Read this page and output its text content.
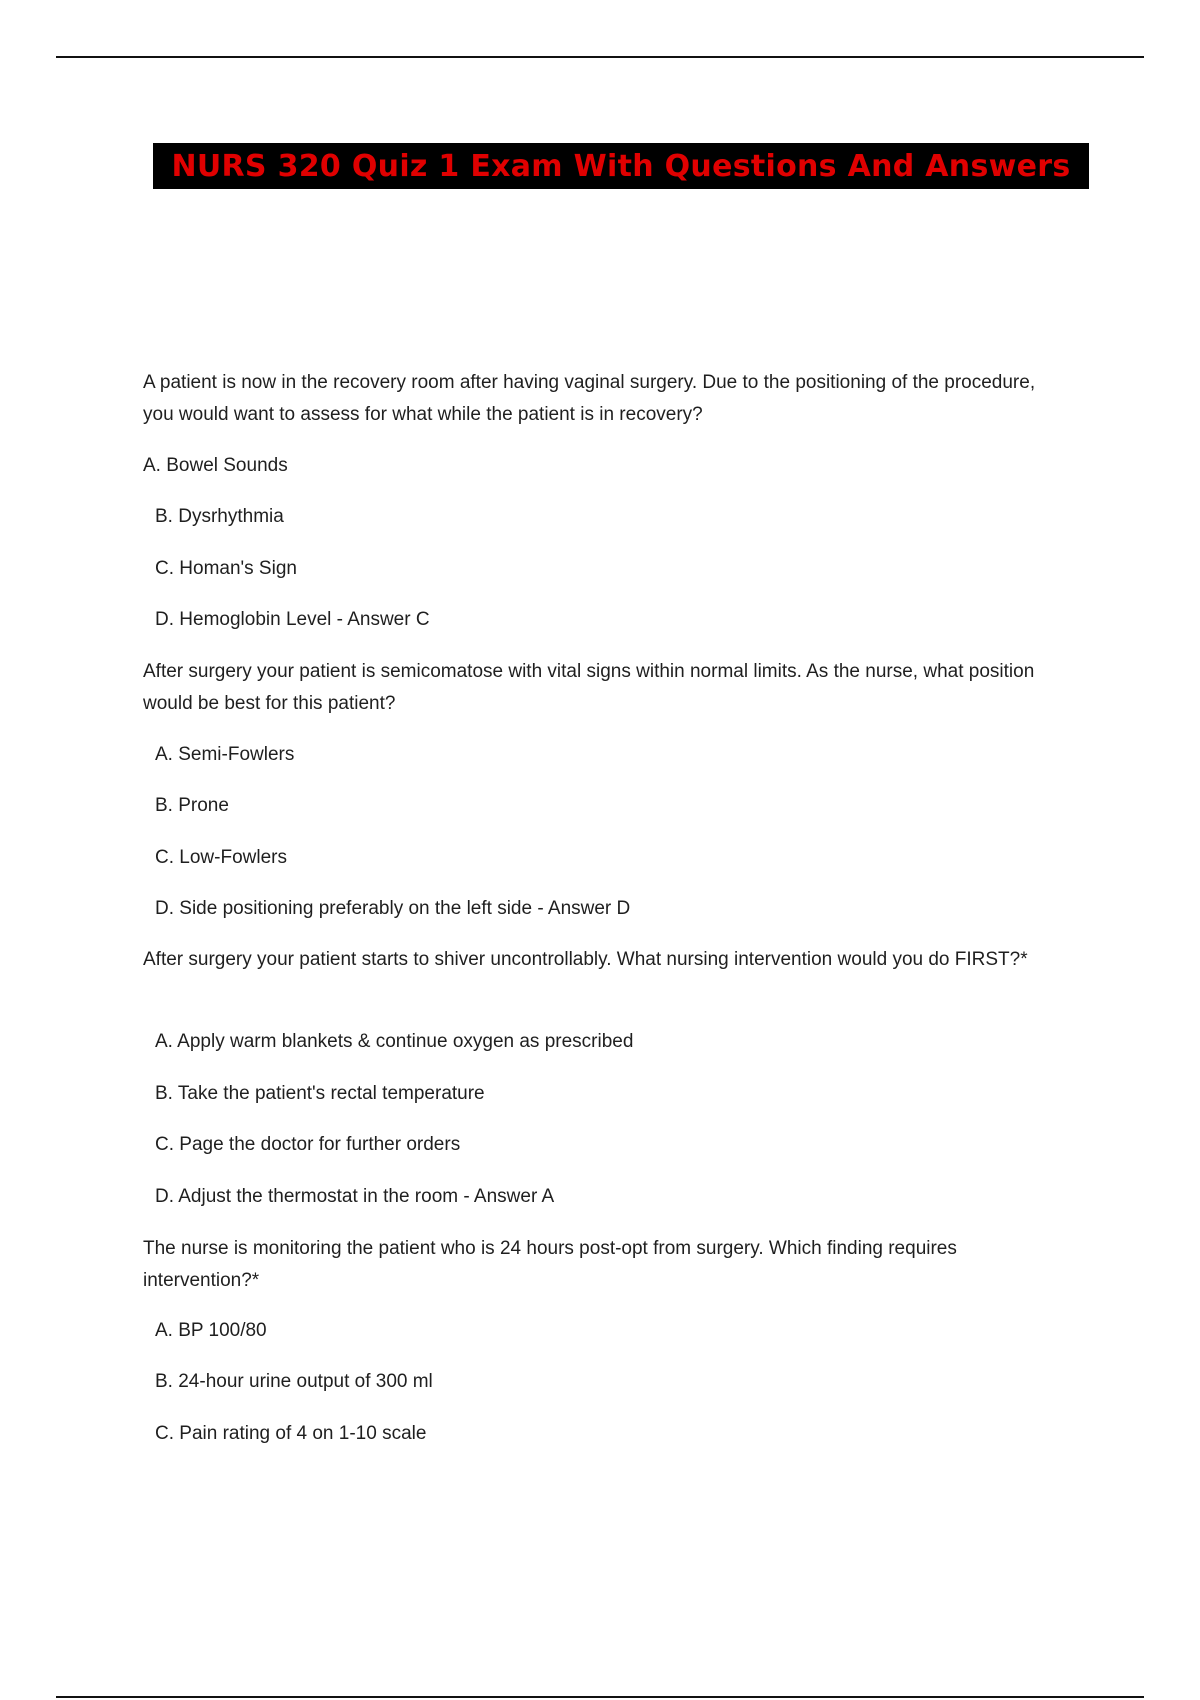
NURS 320 Quiz 1 Exam With Questions And Answers
A patient is now in the recovery room after having vaginal surgery. Due to the positioning of the procedure, you would want to assess for what while the patient is in recovery?
A. Bowel Sounds
B. Dysrhythmia
C. Homan's Sign
D. Hemoglobin Level - Answer C
After surgery your patient is semicomatose with vital signs within normal limits. As the nurse, what position would be best for this patient?
A. Semi-Fowlers
B. Prone
C. Low-Fowlers
D. Side positioning preferably on the left side - Answer D
After surgery your patient starts to shiver uncontrollably. What nursing intervention would you do FIRST?*
A. Apply warm blankets & continue oxygen as prescribed
B. Take the patient's rectal temperature
C. Page the doctor for further orders
D. Adjust the thermostat in the room - Answer A
The nurse is monitoring the patient who is 24 hours post-opt from surgery. Which finding requires intervention?*
A. BP 100/80
B. 24-hour urine output of 300 ml
C. Pain rating of 4 on 1-10 scale
